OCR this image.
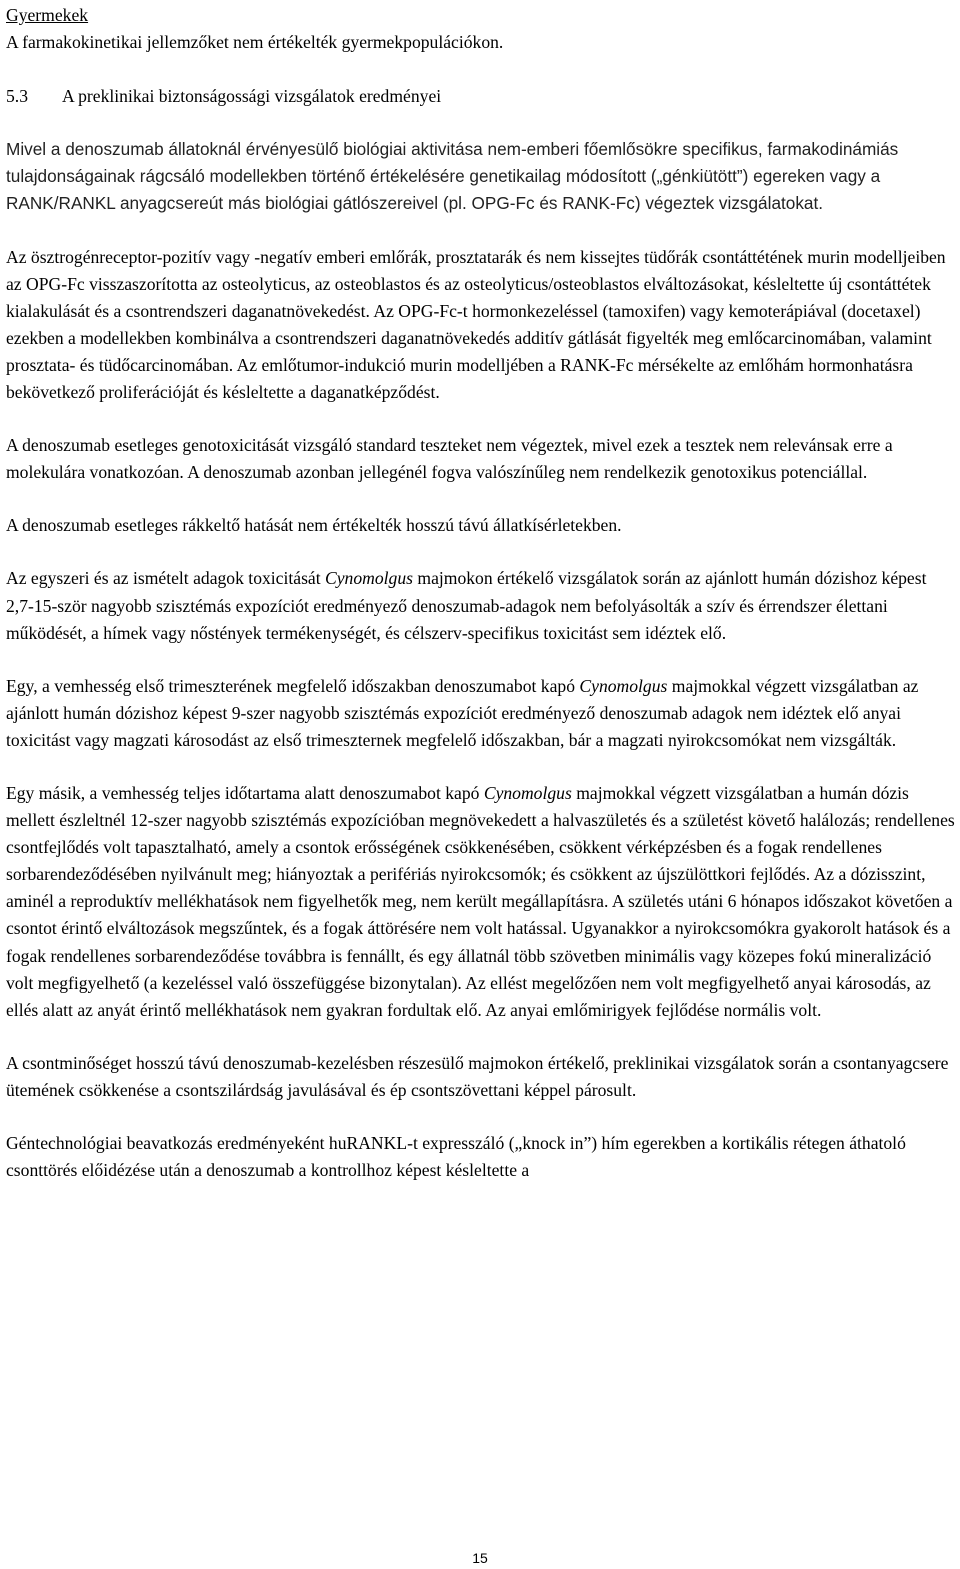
Gyermekek

A farmakokinetikai jellemzőket nem értékelték gyermekpopulációkon.

5.3	A preklinikai biztonságossági vizsgálatok eredményei

Mivel a denoszumab állatoknál érvényesülő biológiai aktivitása nem-emberi főemlősökre specifikus, farmakodinámiás tulajdonságainak rágcsáló modellekben történő értékelésére genetikailag módosított („génkiütött”) egereken vagy a RANK/RANKL anyagcsereút más biológiai gátlószereivel (pl. OPG-Fc és RANK-Fc) végeztek vizsgálatokat.

Az ösztrogénreceptor-pozitív vagy -negatív emberi emlőrák, prosztatarák és nem kissejtes tüdőrák csontáttétének murin modelljeiben az OPG-Fc visszaszorította az osteolyticus, az osteoblastos és az osteolyticus/osteoblastos elváltozásokat, késleltette új csontáttétek kialakulását és a csontrendszeri daganatnövekedést. Az OPG-Fc-t hormonkezeléssel (tamoxifen) vagy kemoterápiával (docetaxel) ezekben a modellekben kombinálva a csontrendszeri daganatnövekedés additív gátlását figyelték meg emlőcarcinomában, valamint prosztata- és tüdőcarcinomában. Az emlőtumor-indukció murin modelljében a RANK-Fc mérsékelte az emlőhám hormonhatásra bekövetkező proliferációját és késleltette a daganatképződést.

A denoszumab esetleges genotoxicitását vizsgáló standard teszteket nem végeztek, mivel ezek a tesztek nem relevánsak erre a molekulára vonatkozóan. A denoszumab azonban jellegénél fogva valószínűleg nem rendelkezik genotoxikus potenciállal.

A denoszumab esetleges rákkeltő hatását nem értékelték hosszú távú állatkísérletekben.

Az egyszeri és az ismételt adagok toxicitását Cynomolgus majmokon értékelő vizsgálatok során az ajánlott humán dózishoz képest 2,7-15-ször nagyobb szisztémás expozíciót eredményező denoszumab-adagok nem befolyásolták a szív és érrendszer élettani működését, a hímek vagy nőstények termékenységét, és célszerv-specifikus toxicitást sem idéztek elő.

Egy, a vemhesség első trimeszterének megfelelő időszakban denoszumabot kapó Cynomolgus majmokkal végzett vizsgálatban az ajánlott humán dózishoz képest 9-szer nagyobb szisztémás expozíciót eredményező denoszumab adagok nem idéztek elő anyai toxicitást vagy magzati károsodást az első trimeszternek megfelelő időszakban, bár a magzati nyirokcsomókat nem vizsgálták.

Egy másik, a vemhesség teljes időtartama alatt denoszumabot kapó Cynomolgus majmokkal végzett vizsgálatban a humán dózis mellett észleltnél 12-szer nagyobb szisztémás expozícióban megnövekedett a halvaszületés és a születést követő halálozás; rendellenes csontfejlődés volt tapasztalható, amely a csontok erősségének csökkenésében, csökkent vérképzésben és a fogak rendellenes sorbarendeződésében nyilvánult meg; hiányoztak a perifériás nyirokcsomók; és csökkent az újszülöttkori fejlődés. Az a dózisszint, aminél a reproduktív mellékhatások nem figyelhetők meg, nem került megállapításra. A születés utáni 6 hónapos időszakot követően a csontot érintő elváltozások megszűntek, és a fogak áttörésére nem volt hatással. Ugyanakkor a nyirokcsomókra gyakorolt hatások és a fogak rendellenes sorbarendeződése továbbra is fennállt, és egy állatnál több szövetben minimális vagy közepes fokú mineralizáció volt megfigyelhető (a kezeléssel való összefüggése bizonytalan). Az ellést megelőzően nem volt megfigyelhető anyai károsodás, az ellés alatt az anyát érintő mellékhatások nem gyakran fordultak elő. Az anyai emlőmirigyek fejlődése normális volt.

A csontminőséget hosszú távú denoszumab-kezelésben részesülő majmokon értékelő, preklinikai vizsgálatok során a csontanyagcsere ütemének csökkenése a csontszilárdság javulásával és ép csontszövettani képpel párosult.

Géntechnológiai beavatkozás eredményeként huRANKL-t expresszáló („knock in”) hím egerekben a kortikális rétegen áthatoló csonttörés előidézése után a denoszumab a kontrollhoz képest késleltette a

15
